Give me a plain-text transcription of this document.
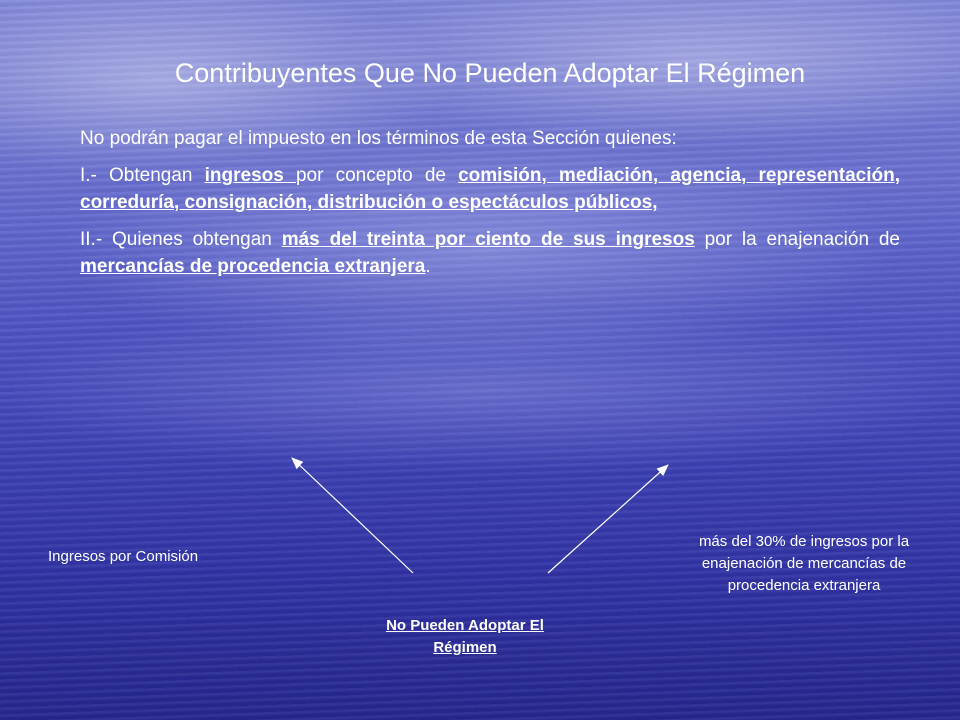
Contribuyentes Que No Pueden Adoptar El Régimen

No podrán pagar el impuesto en los términos de esta Sección quienes:

I.- Obtengan ingresos por concepto de comisión, mediación, agencia, representación, correduría, consignación, distribución o espectáculos públicos,

II.- Quienes obtengan más del treinta por ciento de sus ingresos por la enajenación de mercancías de procedencia extranjera.

Ingresos por Comisión
más del 30% de ingresos por la enajenación de mercancías de procedencia extranjera
No Pueden Adoptar El Régimen
